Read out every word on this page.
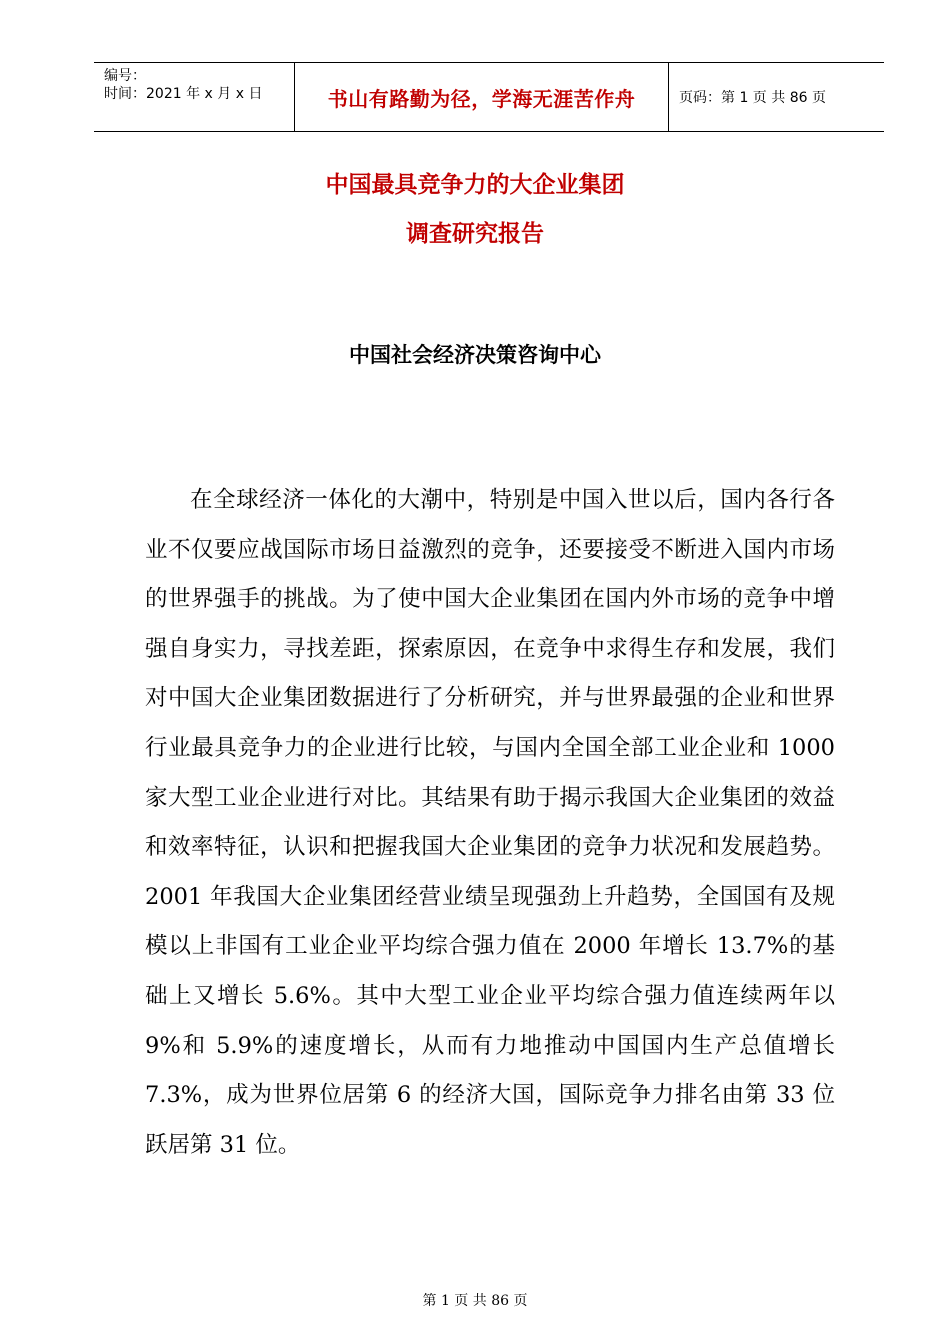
编号：
时间：2021 年 x 月 x 日	书山有路勤为径，学海无涯苦作舟	页码：第 1 页 共 86 页
中国最具竞争力的大企业集团
调查研究报告
中国社会经济决策咨询中心

在全球经济一体化的大潮中，特别是中国入世以后，国内各行各业不仅要应战国际市场日益激烈的竞争，还要接受不断进入国内市场的世界强手的挑战。为了使中国大企业集团在国内外市场的竞争中增强自身实力，寻找差距，探索原因，在竞争中求得生存和发展，我们对中国大企业集团数据进行了分析研究，并与世界最强的企业和世界行业最具竞争力的企业进行比较，与国内全国全部工业企业和 1000 家大型工业企业进行对比。其结果有助于揭示我国大企业集团的效益和效率特征，认识和把握我国大企业集团的竞争力状况和发展趋势。2001 年我国大企业集团经营业绩呈现强劲上升趋势，全国国有及规模以上非国有工业企业平均综合强力值在 2000 年增长 13.7%的基础上又增长 5.6%。其中大型工业企业平均综合强力值连续两年以 9%和 5.9%的速度增长，从而有力地推动中国国内生产总值增长 7.3%，成为世界位居第 6 的经济大国，国际竞争力排名由第 33 位跃居第 31 位。

第 1 页 共 86 页
